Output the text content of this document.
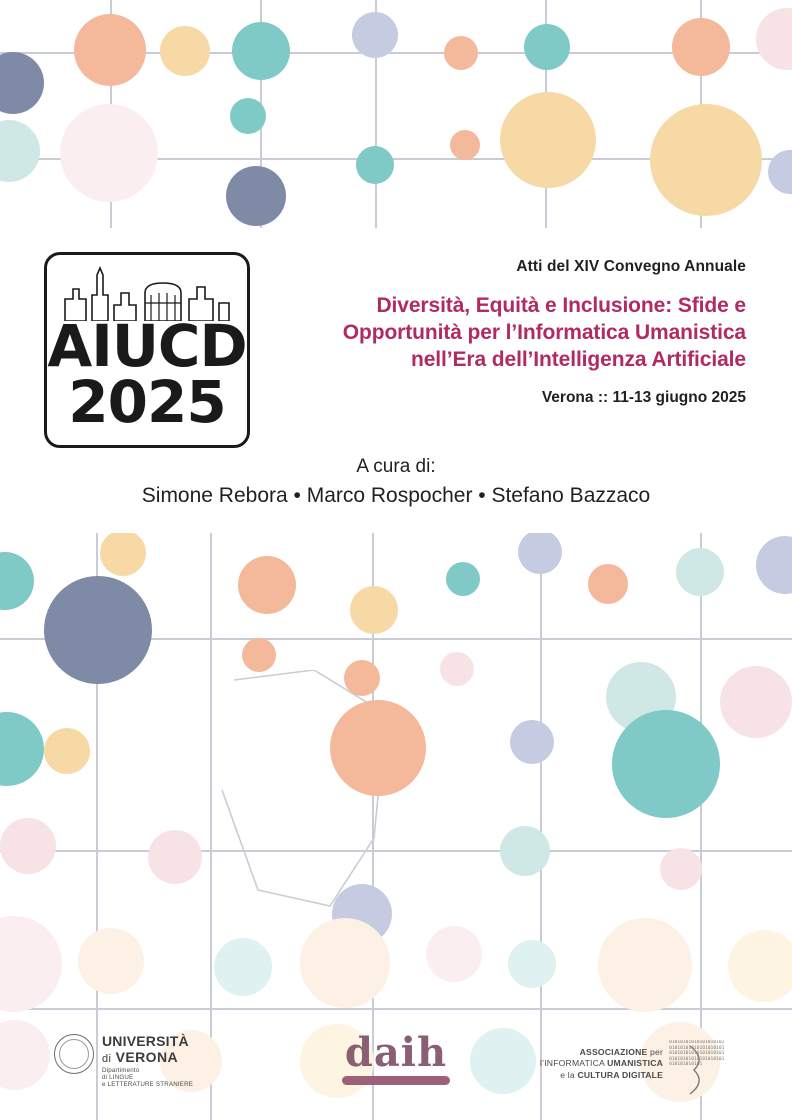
AIUCD
2025
Atti del XIV Convegno Annuale
Diversità, Equità e Inclusione: Sfide e Opportunità per l’Informatica Umanistica nell’Era dell’Intelligenza Artificiale
Verona :: 11-13 giugno 2025
A cura di:
Simone Rebora • Marco Rospocher • Stefano Bazzaco
UNIVERSITÀ
di VERONA
Dipartimento
di LINGUE
e LETTERATURE STRANIERE
daih	ASSOCIAZIONE per
l’INFORMATICA UMANISTICA
e la CULTURA DIGITALE
01010101010101010101010101010101010101010101010101010101010101010101010101010101010101010101
